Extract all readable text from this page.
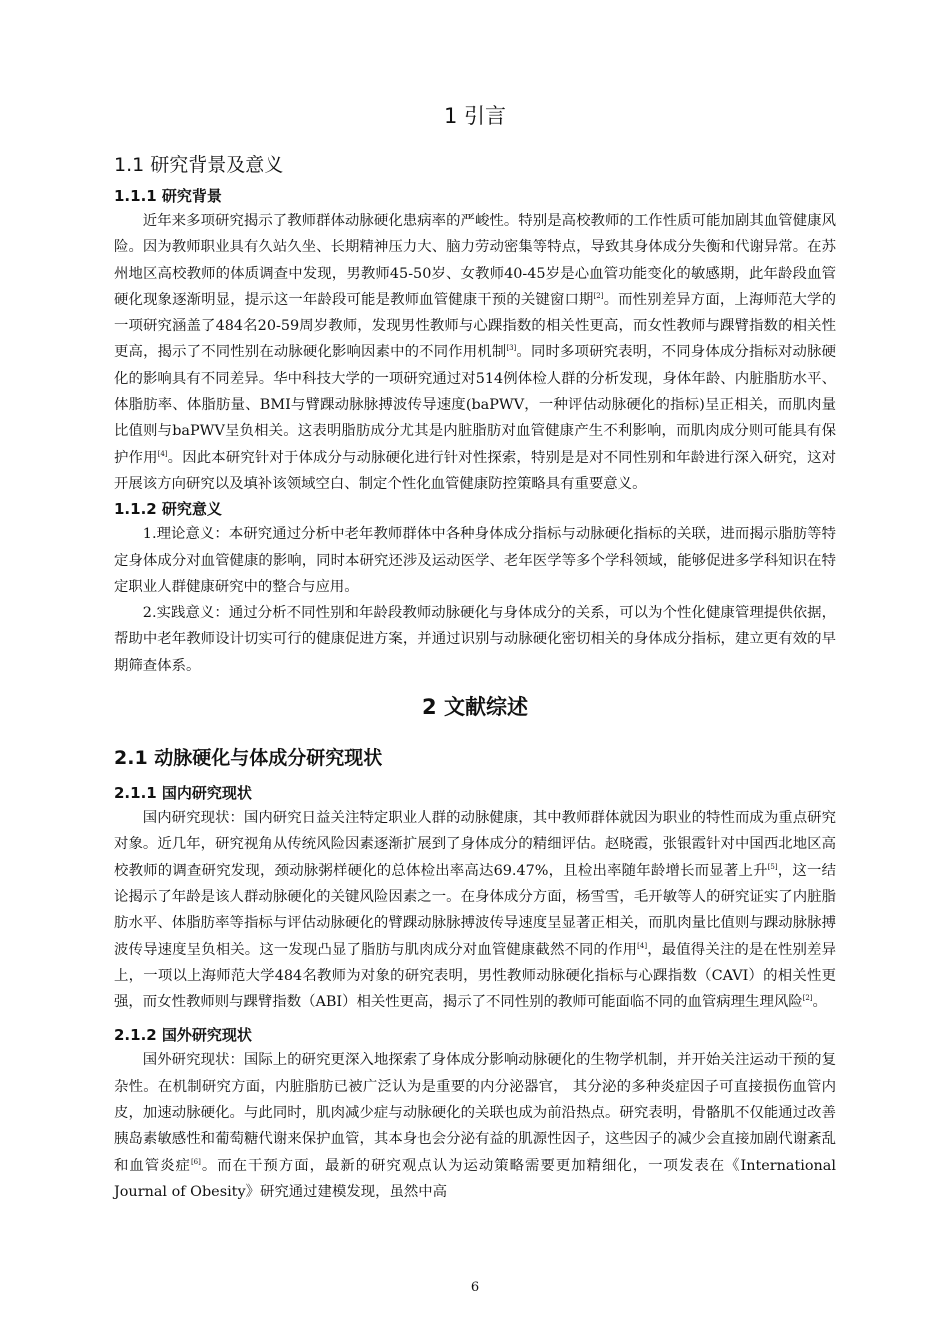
1 引言
1.1 研究背景及意义
1.1.1 研究背景

近年来多项研究揭示了教师群体动脉硬化患病率的严峻性。特别是高校教师的工作性质可能加剧其血管健康风险。因为教师职业具有久站久坐、长期精神压力大、脑力劳动密集等特点，导致其身体成分失衡和代谢异常。在苏州地区高校教师的体质调查中发现，男教师45-50岁、女教师40-45岁是心血管功能变化的敏感期，此年龄段血管硬化现象逐渐明显，提示这一年龄段可能是教师血管健康干预的关键窗口期[2]。而性别差异方面，上海师范大学的一项研究涵盖了484名20-59周岁教师，发现男性教师与心踝指数的相关性更高，而女性教师与踝臂指数的相关性更高，揭示了不同性别在动脉硬化影响因素中的不同作用机制[3]。同时多项研究表明，不同身体成分指标对动脉硬化的影响具有不同差异。华中科技大学的一项研究通过对514例体检人群的分析发现，身体年龄、内脏脂肪水平、体脂肪率、体脂肪量、BMI与臂踝动脉脉搏波传导速度(baPWV，一种评估动脉硬化的指标)呈正相关，而肌肉量比值则与baPWV呈负相关。这表明脂肪成分尤其是内脏脂肪对血管健康产生不利影响，而肌肉成分则可能具有保护作用[4]。因此本研究针对于体成分与动脉硬化进行针对性探索，特别是是对不同性别和年龄进行深入研究，这对开展该方向研究以及填补该领域空白、制定个性化血管健康防控策略具有重要意义。

1.1.2 研究意义

1.理论意义：本研究通过分析中老年教师群体中各种身体成分指标与动脉硬化指标的关联，进而揭示脂肪等特定身体成分对血管健康的影响，同时本研究还涉及运动医学、老年医学等多个学科领域，能够促进多学科知识在特定职业人群健康研究中的整合与应用。

2.实践意义：通过分析不同性别和年龄段教师动脉硬化与身体成分的关系，可以为个性化健康管理提供依据，帮助中老年教师设计切实可行的健康促进方案，并通过识别与动脉硬化密切相关的身体成分指标，建立更有效的早期筛查体系。

2 文献综述
2.1 动脉硬化与体成分研究现状
2.1.1 国内研究现状

国内研究现状：国内研究日益关注特定职业人群的动脉健康，其中教师群体就因为职业的特性而成为重点研究对象。近几年，研究视角从传统风险因素逐渐扩展到了身体成分的精细评估。赵晓霞，张银霞针对中国西北地区高校教师的调查研究发现，颈动脉粥样硬化的总体检出率高达69.47%，且检出率随年龄增长而显著上升[5]，这一结论揭示了年龄是该人群动脉硬化的关键风险因素之一。在身体成分方面，杨雪雪，毛开敏等人的研究证实了内脏脂肪水平、体脂肪率等指标与评估动脉硬化的臂踝动脉脉搏波传导速度呈显著正相关，而肌肉量比值则与踝动脉脉搏波传导速度呈负相关。这一发现凸显了脂肪与肌肉成分对血管健康截然不同的作用[4]，最值得关注的是在性别差异上，一项以上海师范大学484名教师为对象的研究表明，男性教师动脉硬化指标与心踝指数（CAVI）的相关性更强，而女性教师则与踝臂指数（ABI）相关性更高，揭示了不同性别的教师可能面临不同的血管病理生理风险[2]。

2.1.2 国外研究现状

国外研究现状：国际上的研究更深入地探索了身体成分影响动脉硬化的生物学机制，并开始关注运动干预的复杂性。在机制研究方面，内脏脂肪已被广泛认为是重要的内分泌器官， 其分泌的多种炎症因子可直接损伤血管内皮，加速动脉硬化。与此同时，肌肉减少症与动脉硬化的关联也成为前沿热点。研究表明，骨骼肌不仅能通过改善胰岛素敏感性和葡萄糖代谢来保护血管，其本身也会分泌有益的肌源性因子，这些因子的减少会直接加剧代谢紊乱和血管炎症[6]。而在干预方面，最新的研究观点认为运动策略需要更加精细化，一项发表在《International Journal of Obesity》研究通过建模发现，虽然中高

6
